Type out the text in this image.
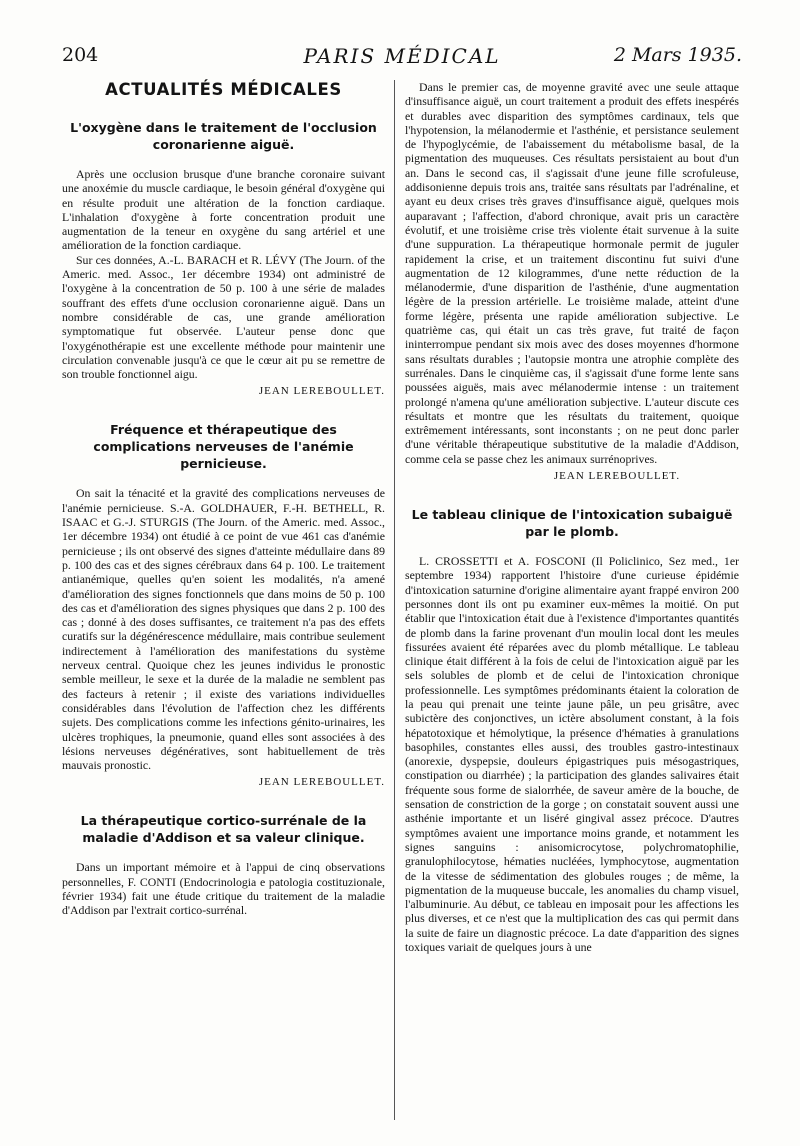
204	PARIS MÉDICAL	2 Mars 1935.
ACTUALITÉS MÉDICALES
L'oxygène dans le traitement de l'occlusion coronarienne aiguë.

Après une occlusion brusque d'une branche coronaire suivant une anoxémie du muscle cardiaque, le besoin général d'oxygène qui en résulte produit une altération de la fonction cardiaque. L'inhalation d'oxygène à forte concentration produit une augmentation de la teneur en oxygène du sang artériel et une amélioration de la fonction cardiaque.

Sur ces données, A.-L. BARACH et R. LÉVY (The Journ. of the Americ. med. Assoc., 1er décembre 1934) ont administré de l'oxygène à la concentration de 50 p. 100 à une série de malades souffrant des effets d'une occlusion coronarienne aiguë. Dans un nombre considérable de cas, une grande amélioration symptomatique fut observée. L'auteur pense donc que l'oxygénothérapie est une excellente méthode pour maintenir une circulation convenable jusqu'à ce que le cœur ait pu se remettre de son trouble fonctionnel aigu.

JEAN LEREBOULLET.
Fréquence et thérapeutique des complications nerveuses de l'anémie pernicieuse.

On sait la ténacité et la gravité des complications nerveuses de l'anémie pernicieuse. S.-A. GOLDHAUER, F.-H. BETHELL, R. ISAAC et G.-J. STURGIS (The Journ. of the Americ. med. Assoc., 1er décembre 1934) ont étudié à ce point de vue 461 cas d'anémie pernicieuse ; ils ont observé des signes d'atteinte médullaire dans 89 p. 100 des cas et des signes cérébraux dans 64 p. 100. Le traitement antianémique, quelles qu'en soient les modalités, n'a amené d'amélioration des signes fonctionnels que dans moins de 50 p. 100 des cas et d'amélioration des signes physiques que dans 2 p. 100 des cas ; donné à des doses suffisantes, ce traitement n'a pas des effets curatifs sur la dégénérescence médullaire, mais contribue seulement indirectement à l'amélioration des manifestations du système nerveux central. Quoique chez les jeunes individus le pronostic semble meilleur, le sexe et la durée de la maladie ne semblent pas des facteurs à retenir ; il existe des variations individuelles considérables dans l'évolution de l'affection chez les différents sujets. Des complications comme les infections génito-urinaires, les ulcères trophiques, la pneumonie, quand elles sont associées à des lésions nerveuses dégénératives, sont habituellement de très mauvais pronostic.

JEAN LEREBOULLET.
La thérapeutique cortico-surrénale de la maladie d'Addison et sa valeur clinique.

Dans un important mémoire et à l'appui de cinq observations personnelles, F. CONTI (Endocrinologia e patologia costituzionale, février 1934) fait une étude critique du traitement de la maladie d'Addison par l'extrait cortico-surrénal.

Dans le premier cas, de moyenne gravité avec une seule attaque d'insuffisance aiguë, un court traitement a produit des effets inespérés et durables avec disparition des symptômes cardinaux, tels que l'hypotension, la mélanodermie et l'asthénie, et persistance seulement de l'hypoglycémie, de l'abaissement du métabolisme basal, de la pigmentation des muqueuses. Ces résultats persistaient au bout d'un an. Dans le second cas, il s'agissait d'une jeune fille scrofuleuse, addisonienne depuis trois ans, traitée sans résultats par l'adrénaline, et ayant eu deux crises très graves d'insuffisance aiguë, quelques mois auparavant ; l'affection, d'abord chronique, avait pris un caractère évolutif, et une troisième crise très violente était survenue à la suite d'une suppuration. La thérapeutique hormonale permit de juguler rapidement la crise, et un traitement discontinu fut suivi d'une augmentation de 12 kilogrammes, d'une nette réduction de la mélanodermie, d'une disparition de l'asthénie, d'une augmentation légère de la pression artérielle. Le troisième malade, atteint d'une forme légère, présenta une rapide amélioration subjective. Le quatrième cas, qui était un cas très grave, fut traité de façon ininterrompue pendant six mois avec des doses moyennes d'hormone sans résultats durables ; l'autopsie montra une atrophie complète des surrénales. Dans le cinquième cas, il s'agissait d'une forme lente sans poussées aiguës, mais avec mélanodermie intense : un traitement prolongé n'amena qu'une amélioration subjective. L'auteur discute ces résultats et montre que les résultats du traitement, quoique extrêmement intéressants, sont inconstants ; on ne peut donc parler d'une véritable thérapeutique substitutive de la maladie d'Addison, comme cela se passe chez les animaux surrénoprives.

JEAN LEREBOULLET.
Le tableau clinique de l'intoxication subaiguë par le plomb.

L. CROSSETTI et A. FOSCONI (Il Policlinico, Sez med., 1er septembre 1934) rapportent l'histoire d'une curieuse épidémie d'intoxication saturnine d'origine alimentaire ayant frappé environ 200 personnes dont ils ont pu examiner eux-mêmes la moitié. On put établir que l'intoxication était due à l'existence d'importantes quantités de plomb dans la farine provenant d'un moulin local dont les meules fissurées avaient été réparées avec du plomb métallique. Le tableau clinique était différent à la fois de celui de l'intoxication aiguë par les sels solubles de plomb et de celui de l'intoxication chronique professionnelle. Les symptômes prédominants étaient la coloration de la peau qui prenait une teinte jaune pâle, un peu grisâtre, avec subictère des conjonctives, un ictère absolument constant, à la fois hépatotoxique et hémolytique, la présence d'hématies à granulations basophiles, constantes elles aussi, des troubles gastro-intestinaux (anorexie, dyspepsie, douleurs épigastriques puis mésogastriques, constipation ou diarrhée) ; la participation des glandes salivaires était fréquente sous forme de sialorrhée, de saveur amère de la bouche, de sensation de constriction de la gorge ; on constatait souvent aussi une asthénie importante et un liséré gingival assez précoce. D'autres symptômes avaient une importance moins grande, et notamment les signes sanguins : anisomicrocytose, polychromatophilie, granulophilocytose, hématies nucléées, lymphocytose, augmentation de la vitesse de sédimentation des globules rouges ; de même, la pigmentation de la muqueuse buccale, les anomalies du champ visuel, l'albuminurie. Au début, ce tableau en imposait pour les affections les plus diverses, et ce n'est que la multiplication des cas qui permit dans la suite de faire un diagnostic précoce. La date d'apparition des signes toxiques variait de quelques jours à une
